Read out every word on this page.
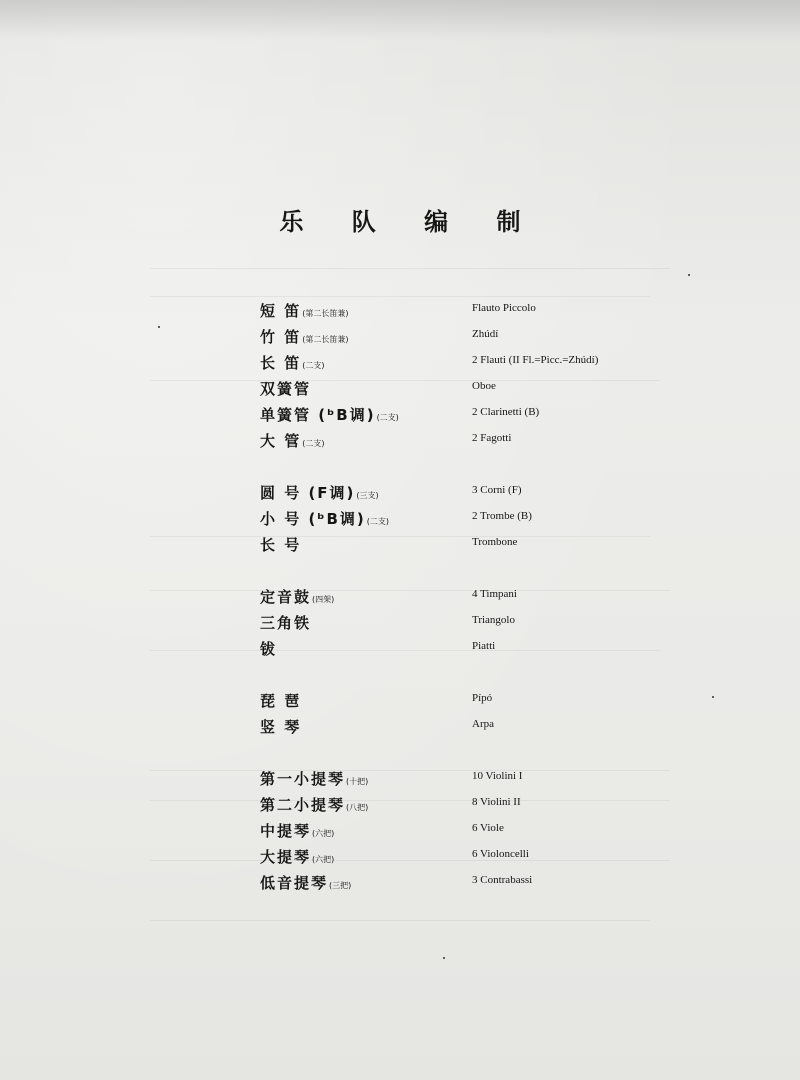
乐 队 编 制
短 笛(第二长笛兼)	Flauto Piccolo
竹 笛(第二长笛兼)	Zhúdí
长 笛(二支)	2 Flauti (II Fl.=Picc.=Zhúdí)
双簧管	Oboe
单簧管 (ᵇB调)(二支)	2 Clarinetti (B)
大 管(二支)	2 Fagotti
圆 号 (F调)(三支)	3 Corni (F)
小 号 (ᵇB调)(二支)	2 Trombe (B)
长 号	Trombone
定音鼓(四架)	4 Timpani
三角铁	Triangolo
钹	Piatti
琵 琶	Pípó
竖 琴	Arpa
第一小提琴(十把)	10 Violini I
第二小提琴(八把)	8 Violini II
中提琴(六把)	6 Viole
大提琴(六把)	6 Violoncelli
低音提琴(三把)	3 Contrabassi
